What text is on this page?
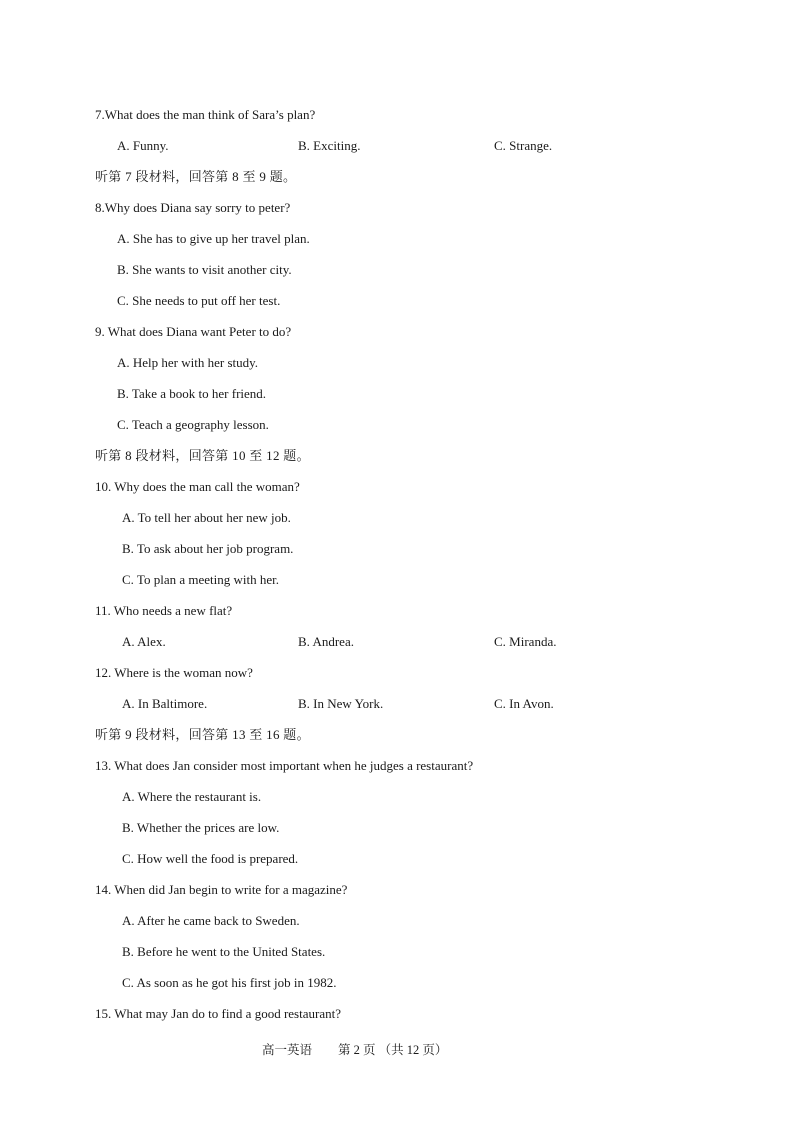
7.What does the man think of Sara’s plan?
A. Funny.	B. Exciting.	C. Strange.
听第 7 段材料，回答第 8 至 9 题。
8.Why does Diana say sorry to peter?
A. She has to give up her travel plan.
B. She wants to visit another city.
C. She needs to put off her test.
9. What does Diana want Peter to do?
A. Help her with her study.
B. Take a book to her friend.
C. Teach a geography lesson.
听第 8 段材料，回答第 10 至 12 题。
10. Why does the man call the woman?
A. To tell her about her new job.
B. To ask about her job program.
C. To plan a meeting with her.
11. Who needs a new flat?
A. Alex.	B. Andrea.	C. Miranda.
12. Where is the woman now?
A. In Baltimore.	B. In New York.	C. In Avon.
听第 9 段材料，回答第 13 至 16 题。
13. What does Jan consider most important when he judges a restaurant?
A. Where the restaurant is.
B. Whether the prices are low.
C. How well the food is prepared.
14. When did Jan begin to write for a magazine?
A. After he came back to Sweden.
B. Before he went to the United States.
C. As soon as he got his first job in 1982.
15. What may Jan do to find a good restaurant?
高一英语 第 2 页 （共 12 页）
